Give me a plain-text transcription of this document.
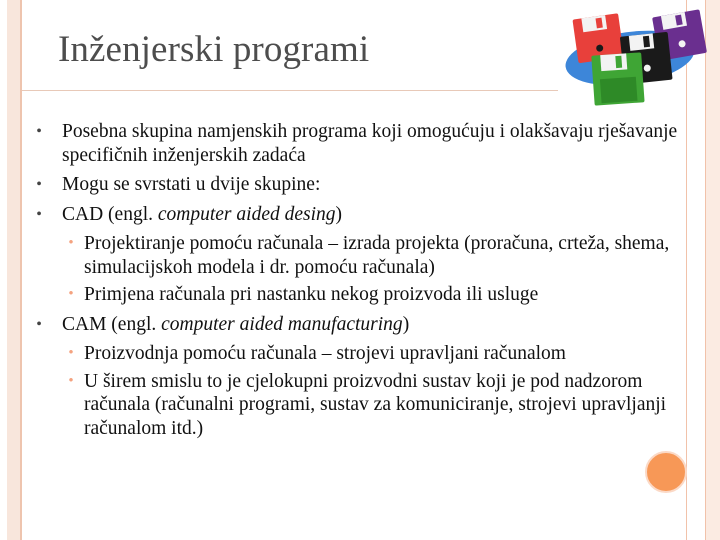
Inženjerski programi

• Posebna skupina namjenskih programa koji omogućuju i olakšavaju rješavanje specifičnih inženjerskih zadaća

• Mogu se svrstati u dvije skupine:

• CAD (engl. computer aided desing)

• Projektiranje pomoću računala – izrada projekta (proračuna, crteža, shema, simulacijskoh modela i dr. pomoću računala)

• Primjena računala pri nastanku nekog proizvoda ili usluge

• CAM (engl. computer aided manufacturing)

• Proizvodnja pomoću računala – strojevi upravljani računalom

• U širem smislu to je cjelokupni proizvodni sustav koji je pod nadzorom računala (računalni programi, sustav za komuniciranje, strojevi upravljanji računalom itd.)
